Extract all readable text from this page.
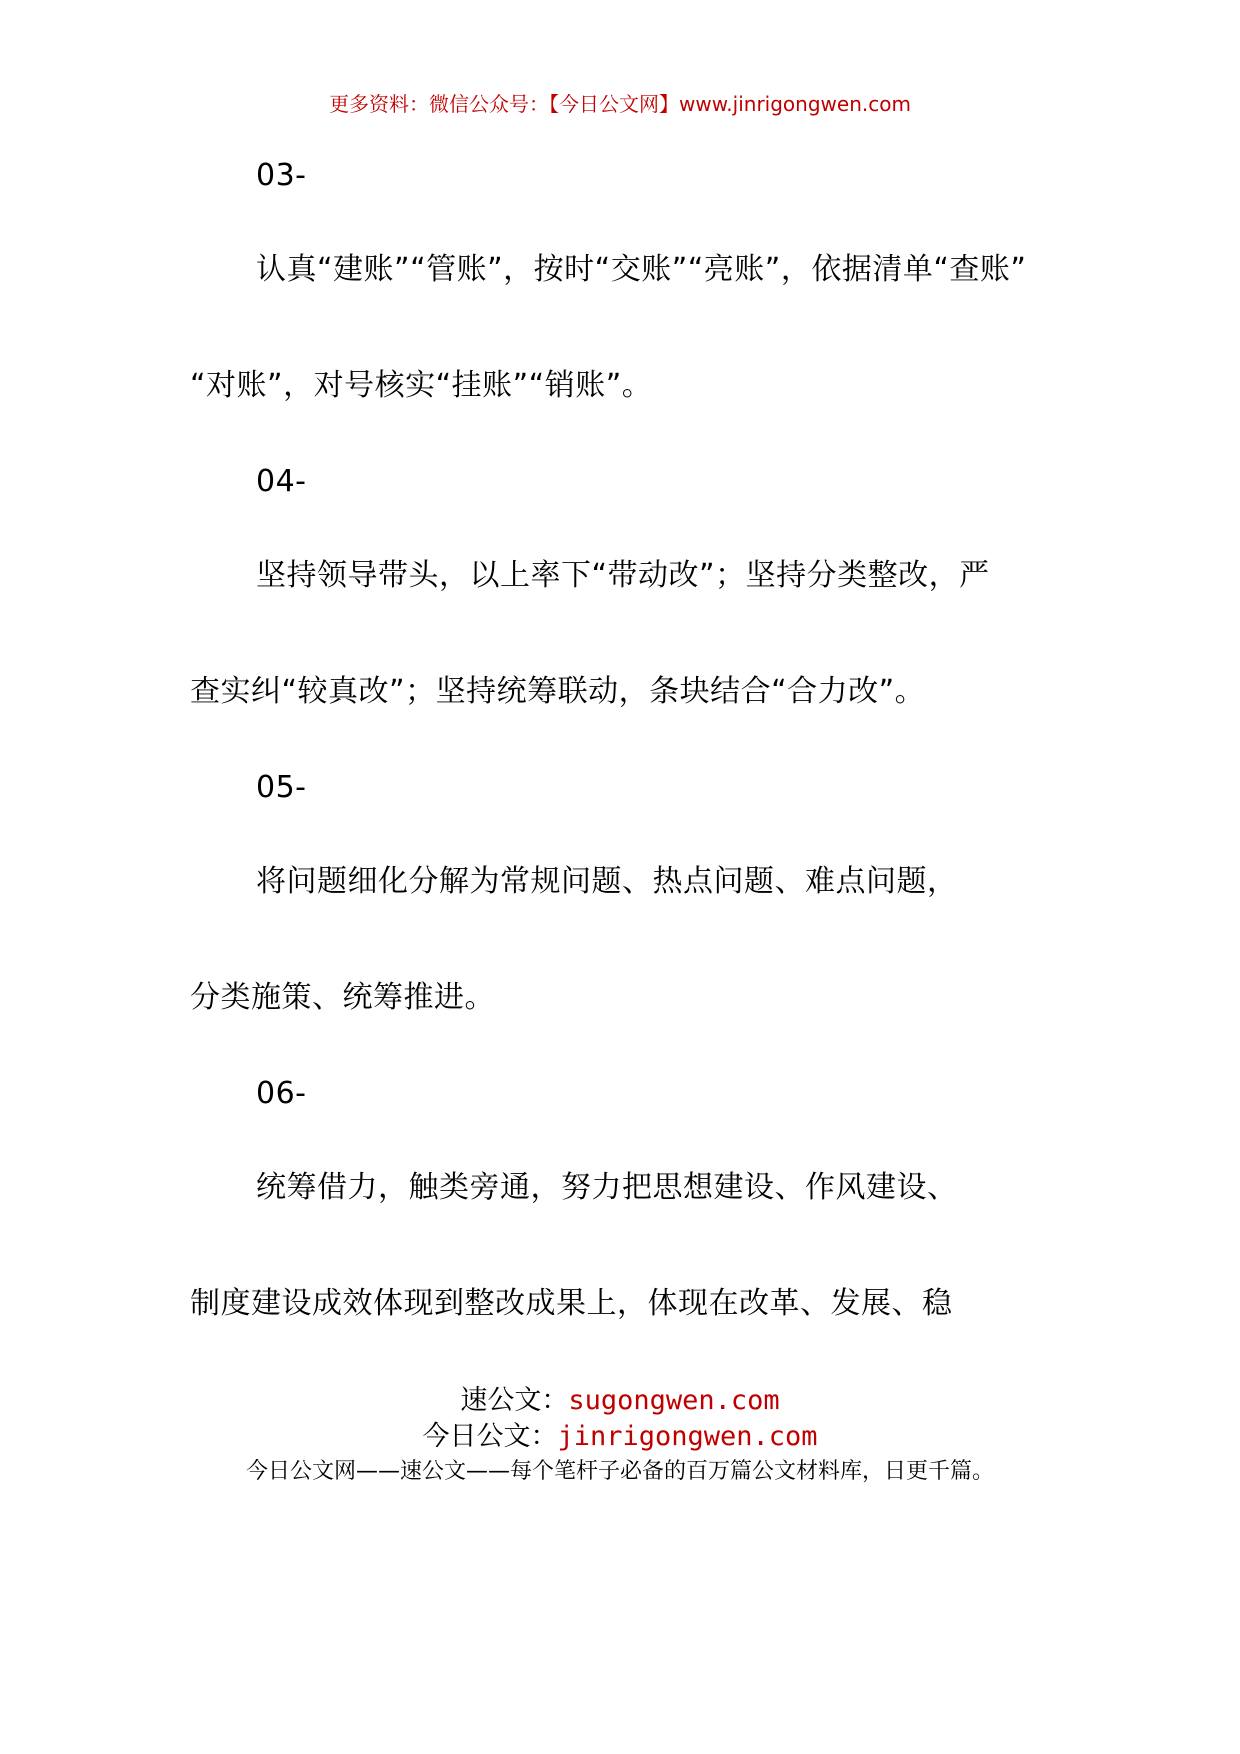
更多资料：微信公众号：【今日公文网】www.jinrigongwen.com
03-
认真“建账”“管账”，按时“交账”“亮账”，依据清单“查账”
“对账”，对号核实“挂账”“销账”。
04-
坚持领导带头，以上率下“带动改”；坚持分类整改，严
查实纠“较真改”；坚持统筹联动，条块结合“合力改”。
05-
将问题细化分解为常规问题、热点问题、难点问题，
分类施策、统筹推进。
06-
统筹借力，触类旁通，努力把思想建设、作风建设、
制度建设成效体现到整改成果上，体现在改革、发展、稳
速公文：sugongwen.com
今日公文：jinrigongwen.com
今日公文网——速公文——每个笔杆子必备的百万篇公文材料库，日更千篇。
